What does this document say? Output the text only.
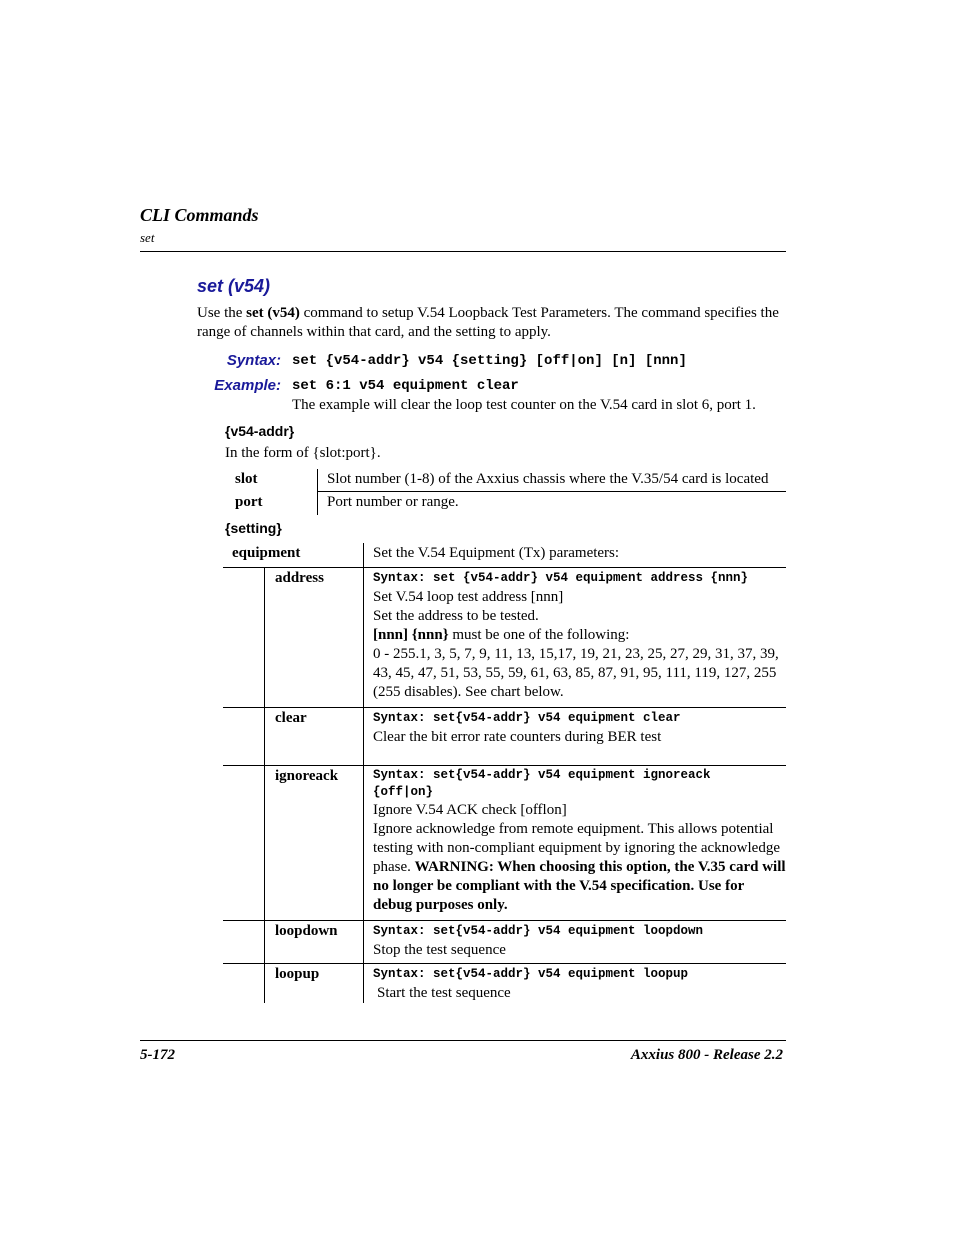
CLI Commands
set
set (v54)
Use the set (v54) command to setup V.54 Loopback Test Parameters. The command specifies the range of channels within that card, and the setting to apply.
Syntax: set {v54-addr} v54 {setting} [off|on] [n] [nnn]
Example: set 6:1 v54 equipment clear
The example will clear the loop test counter on the V.54 card in slot 6, port 1.
{v54-addr}
In the form of {slot:port}.
slot	Slot number (1-8) of the Axxius chassis where the V.35/54 card is located
port	Port number or range.
{setting}
equipment		Set the V.54 Equipment (Tx) parameters:
	address	Syntax: set {v54-addr} v54 equipment address {nnn}
Set V.54 loop test address [nnn]
Set the address to be tested.
[nnn] {nnn} must be one of the following:
0 - 255.1, 3, 5, 7, 9, 11, 13, 15,17, 19, 21, 23, 25, 27, 29, 31, 37, 39, 43, 45, 47, 51, 53, 55, 59, 61, 63, 85, 87, 91, 95, 111, 119, 127, 255 (255 disables). See chart below.

	clear	Syntax: set{v54-addr} v54 equipment clear
Clear the bit error rate counters during BER test

	ignoreack	Syntax: set{v54-addr} v54 equipment ignoreack {off|on}
Ignore V.54 ACK check [offlon]
Ignore acknowledge from remote equipment. This allows potential testing with non-compliant equipment by ignoring the acknowledge phase. WARNING: When choosing this option, the V.35 card will no longer be compliant with the V.54 specification. Use for debug purposes only.

	loopdown	Syntax: set{v54-addr} v54 equipment loopdown
Stop the test sequence

	loopup	Syntax: set{v54-addr} v54 equipment loopup
Start the test sequence
5-172	Axxius 800 - Release 2.2
